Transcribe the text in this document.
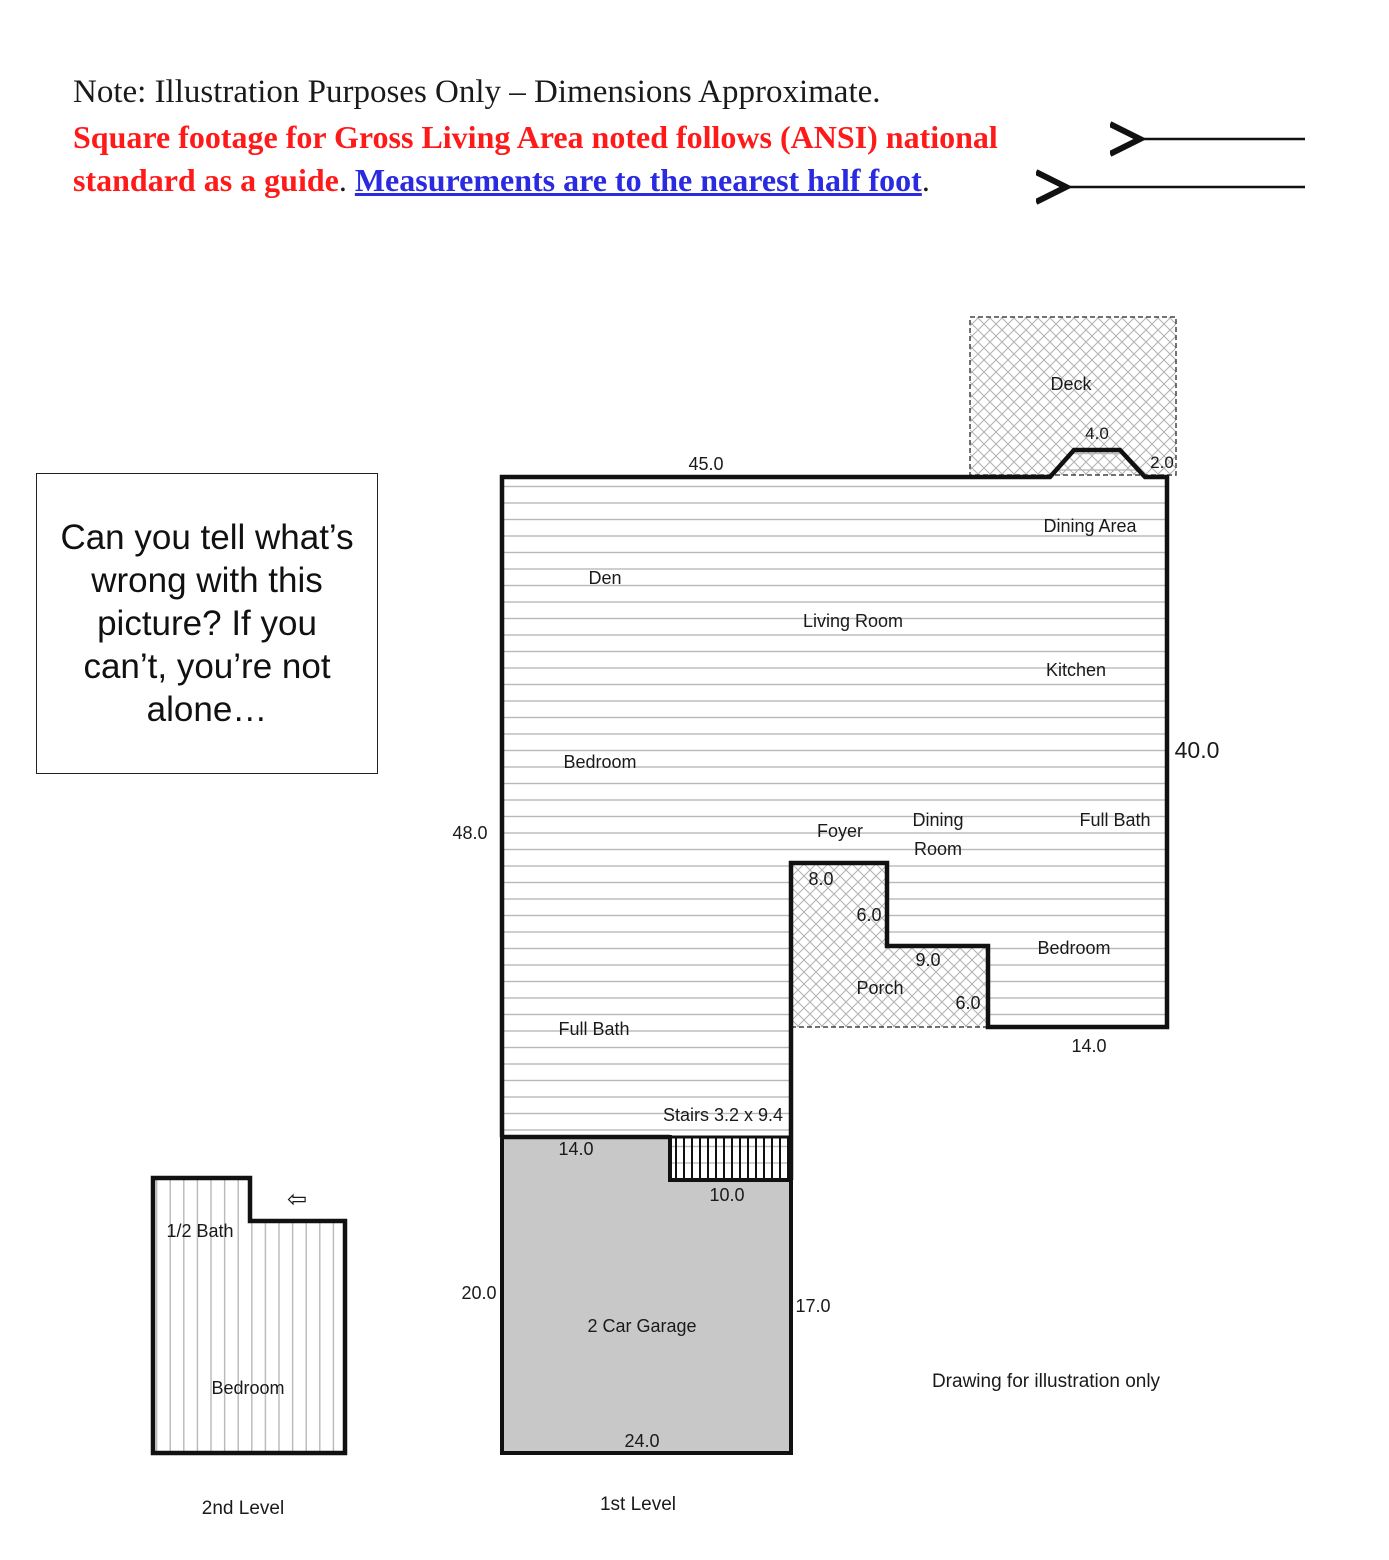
Note: Illustration Purposes Only – Dimensions Approximate.
Square footage for Gross Living Area noted follows (ANSI) national
standard as a guide. Measurements are to the nearest half foot.
Can you tell what’s wrong with this picture? If you can’t, you’re not alone…
⇦
Deck
Dining Area
Den
Living Room
Kitchen
Bedroom
Foyer
Dining
Room
Full Bath
Bedroom
Porch
Full Bath
Stairs 3.2 x 9.4
2 Car Garage
1/2 Bath
Bedroom
45.0
4.0
2.0
40.0
48.0
8.0
6.0
9.0
6.0
14.0
14.0
10.0
20.0
17.0
24.0
Drawing for illustration only
1st Level
2nd Level
